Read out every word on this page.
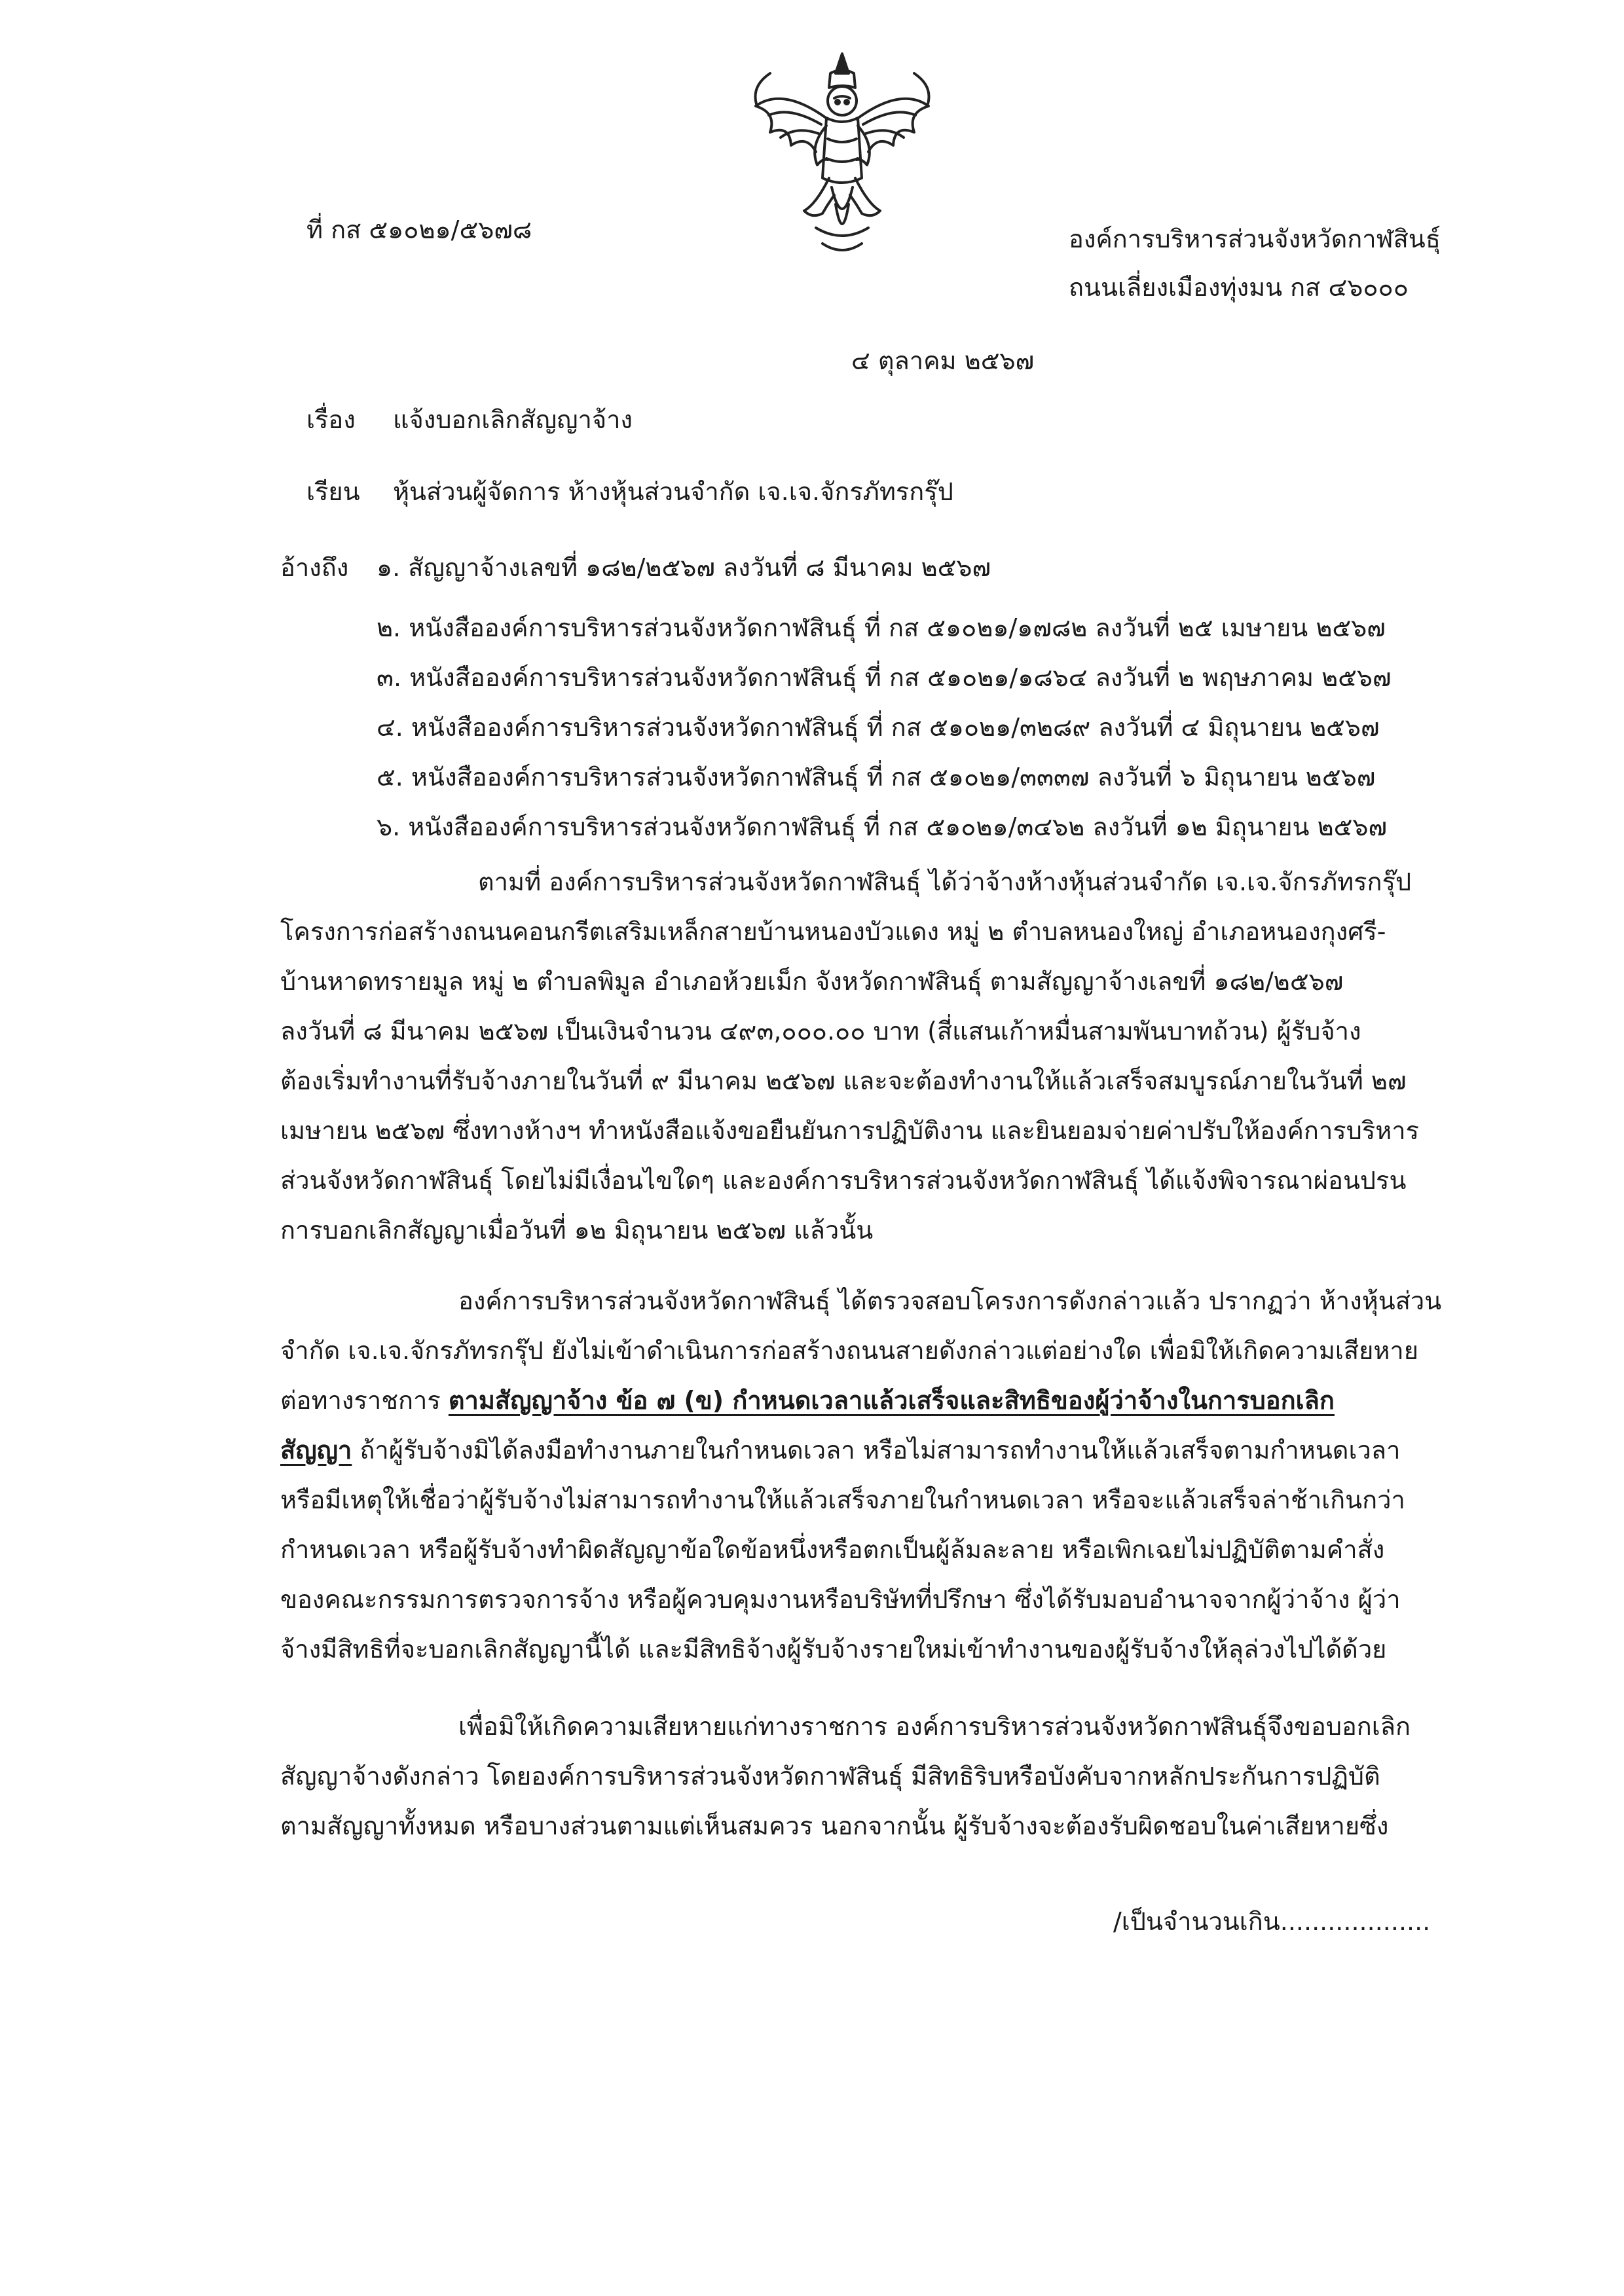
ที่ กส ๕๑๐๒๑/๕๖๗๘	องค์การบริหารส่วนจังหวัดกาฬสินธุ์
ถนนเลี่ยงเมืองทุ่งมน กส ๔๖๐๐๐
๔ ตุลาคม ๒๕๖๗
เรื่อง แจ้งบอกเลิกสัญญาจ้าง
เรียน หุ้นส่วนผู้จัดการ ห้างหุ้นส่วนจำกัด เจ.เจ.จักรภัทรกรุ๊ป
อ้างถึง ๑. สัญญาจ้างเลขที่ ๑๘๒/๒๕๖๗ ลงวันที่ ๘ มีนาคม ๒๕๖๗
๒. หนังสือองค์การบริหารส่วนจังหวัดกาฬสินธุ์ ที่ กส ๕๑๐๒๑/๑๗๘๒ ลงวันที่ ๒๕ เมษายน ๒๕๖๗
๓. หนังสือองค์การบริหารส่วนจังหวัดกาฬสินธุ์ ที่ กส ๕๑๐๒๑/๑๘๖๔ ลงวันที่ ๒ พฤษภาคม ๒๕๖๗
๔. หนังสือองค์การบริหารส่วนจังหวัดกาฬสินธุ์ ที่ กส ๕๑๐๒๑/๓๒๘๙ ลงวันที่ ๔ มิถุนายน ๒๕๖๗
๕. หนังสือองค์การบริหารส่วนจังหวัดกาฬสินธุ์ ที่ กส ๕๑๐๒๑/๓๓๓๗ ลงวันที่ ๖ มิถุนายน ๒๕๖๗
๖. หนังสือองค์การบริหารส่วนจังหวัดกาฬสินธุ์ ที่ กส ๕๑๐๒๑/๓๔๖๒ ลงวันที่ ๑๒ มิถุนายน ๒๕๖๗
ตามที่ องค์การบริหารส่วนจังหวัดกาฬสินธุ์ ได้ว่าจ้างห้างหุ้นส่วนจำกัด เจ.เจ.จักรภัทรกรุ๊ป
โครงการก่อสร้างถนนคอนกรีตเสริมเหล็กสายบ้านหนองบัวแดง หมู่ ๒ ตำบลหนองใหญ่ อำเภอหนองกุงศรี-
บ้านหาดทรายมูล หมู่ ๒ ตำบลพิมูล อำเภอห้วยเม็ก จังหวัดกาฬสินธุ์ ตามสัญญาจ้างเลขที่ ๑๘๒/๒๕๖๗
ลงวันที่ ๘ มีนาคม ๒๕๖๗ เป็นเงินจำนวน ๔๙๓,๐๐๐.๐๐ บาท (สี่แสนเก้าหมื่นสามพันบาทถ้วน) ผู้รับจ้าง
ต้องเริ่มทำงานที่รับจ้างภายในวันที่ ๙ มีนาคม ๒๕๖๗ และจะต้องทำงานให้แล้วเสร็จสมบูรณ์ภายในวันที่ ๒๗
เมษายน ๒๕๖๗ ซึ่งทางห้างฯ ทำหนังสือแจ้งขอยืนยันการปฏิบัติงาน และยินยอมจ่ายค่าปรับให้องค์การบริหาร
ส่วนจังหวัดกาฬสินธุ์ โดยไม่มีเงื่อนไขใดๆ และองค์การบริหารส่วนจังหวัดกาฬสินธุ์ ได้แจ้งพิจารณาผ่อนปรน
การบอกเลิกสัญญาเมื่อวันที่ ๑๒ มิถุนายน ๒๕๖๗ แล้วนั้น
องค์การบริหารส่วนจังหวัดกาฬสินธุ์ ได้ตรวจสอบโครงการดังกล่าวแล้ว ปรากฏว่า ห้างหุ้นส่วน
จำกัด เจ.เจ.จักรภัทรกรุ๊ป ยังไม่เข้าดำเนินการก่อสร้างถนนสายดังกล่าวแต่อย่างใด เพื่อมิให้เกิดความเสียหาย
ต่อทางราชการ ตามสัญญาจ้าง ข้อ ๗ (ข) กำหนดเวลาแล้วเสร็จและสิทธิของผู้ว่าจ้างในการบอกเลิก
สัญญา ถ้าผู้รับจ้างมิได้ลงมือทำงานภายในกำหนดเวลา หรือไม่สามารถทำงานให้แล้วเสร็จตามกำหนดเวลา
หรือมีเหตุให้เชื่อว่าผู้รับจ้างไม่สามารถทำงานให้แล้วเสร็จภายในกำหนดเวลา หรือจะแล้วเสร็จล่าช้าเกินกว่า
กำหนดเวลา หรือผู้รับจ้างทำผิดสัญญาข้อใดข้อหนึ่งหรือตกเป็นผู้ล้มละลาย หรือเพิกเฉยไม่ปฏิบัติตามคำสั่ง
ของคณะกรรมการตรวจการจ้าง หรือผู้ควบคุมงานหรือบริษัทที่ปรึกษา ซึ่งได้รับมอบอำนาจจากผู้ว่าจ้าง ผู้ว่า
จ้างมีสิทธิที่จะบอกเลิกสัญญานี้ได้ และมีสิทธิจ้างผู้รับจ้างรายใหม่เข้าทำงานของผู้รับจ้างให้ลุล่วงไปได้ด้วย
เพื่อมิให้เกิดความเสียหายแก่ทางราชการ องค์การบริหารส่วนจังหวัดกาฬสินธุ์จึงขอบอกเลิก
สัญญาจ้างดังกล่าว โดยองค์การบริหารส่วนจังหวัดกาฬสินธุ์ มีสิทธิริบหรือบังคับจากหลักประกันการปฏิบัติ
ตามสัญญาทั้งหมด หรือบางส่วนตามแต่เห็นสมควร นอกจากนั้น ผู้รับจ้างจะต้องรับผิดชอบในค่าเสียหายซึ่ง
/เป็นจำนวนเกิน...................
